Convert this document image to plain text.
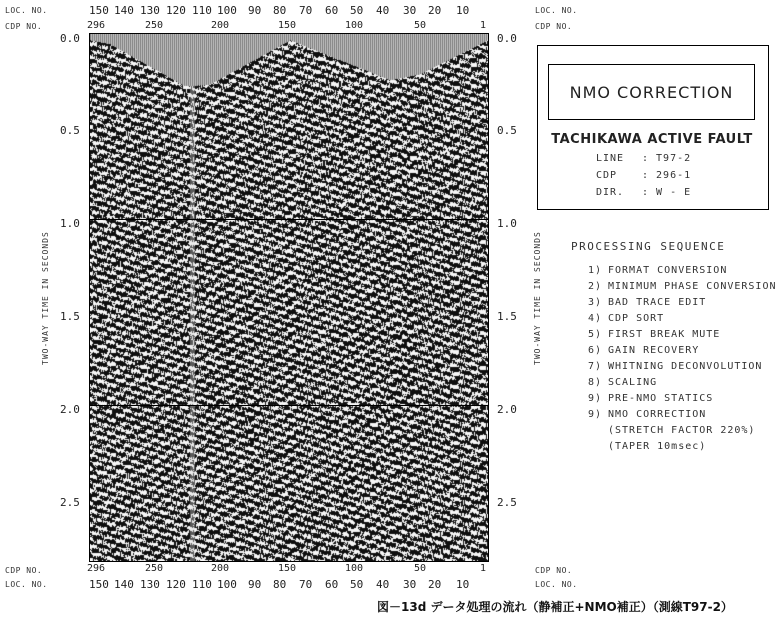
LOC. NO.
CDP NO.
LOC. NO.
CDP NO.
CDP NO.
LOC. NO.
CDP NO.
LOC. NO.
150 140 130 120 110 100 90 80 70 60 50 40 30 20 10
296	250	200	150	100	50	1
296	250	200	150	100	50	1
150 140 130 120 110 100 90 80 70 60 50 40 30 20 10
0.0
0.5
1.0
1.5
2.0
2.5
0.0
0.5
1.0
1.5
2.0
2.5
TWO-WAY TIME IN SECONDS	TWO-WAY TIME IN SECONDS
NMO CORRECTION
TACHIKAWA ACTIVE FAULT
LINE : T97-2
CDP : 296-1
DIR. : W - E
PROCESSING SEQUENCE
1) FORMAT CONVERSION
2) MINIMUM PHASE CONVERSION
3) BAD TRACE EDIT
4) CDP SORT
5) FIRST BREAK MUTE
6) GAIN RECOVERY
7) WHITNING DECONVOLUTION
8) SCALING
9) PRE-NMO STATICS
9) NMO CORRECTION
(STRETCH FACTOR 220%)
(TAPER 10msec)
図－13d データ処理の流れ（静補正+NMO補正）（測線T97-2）
